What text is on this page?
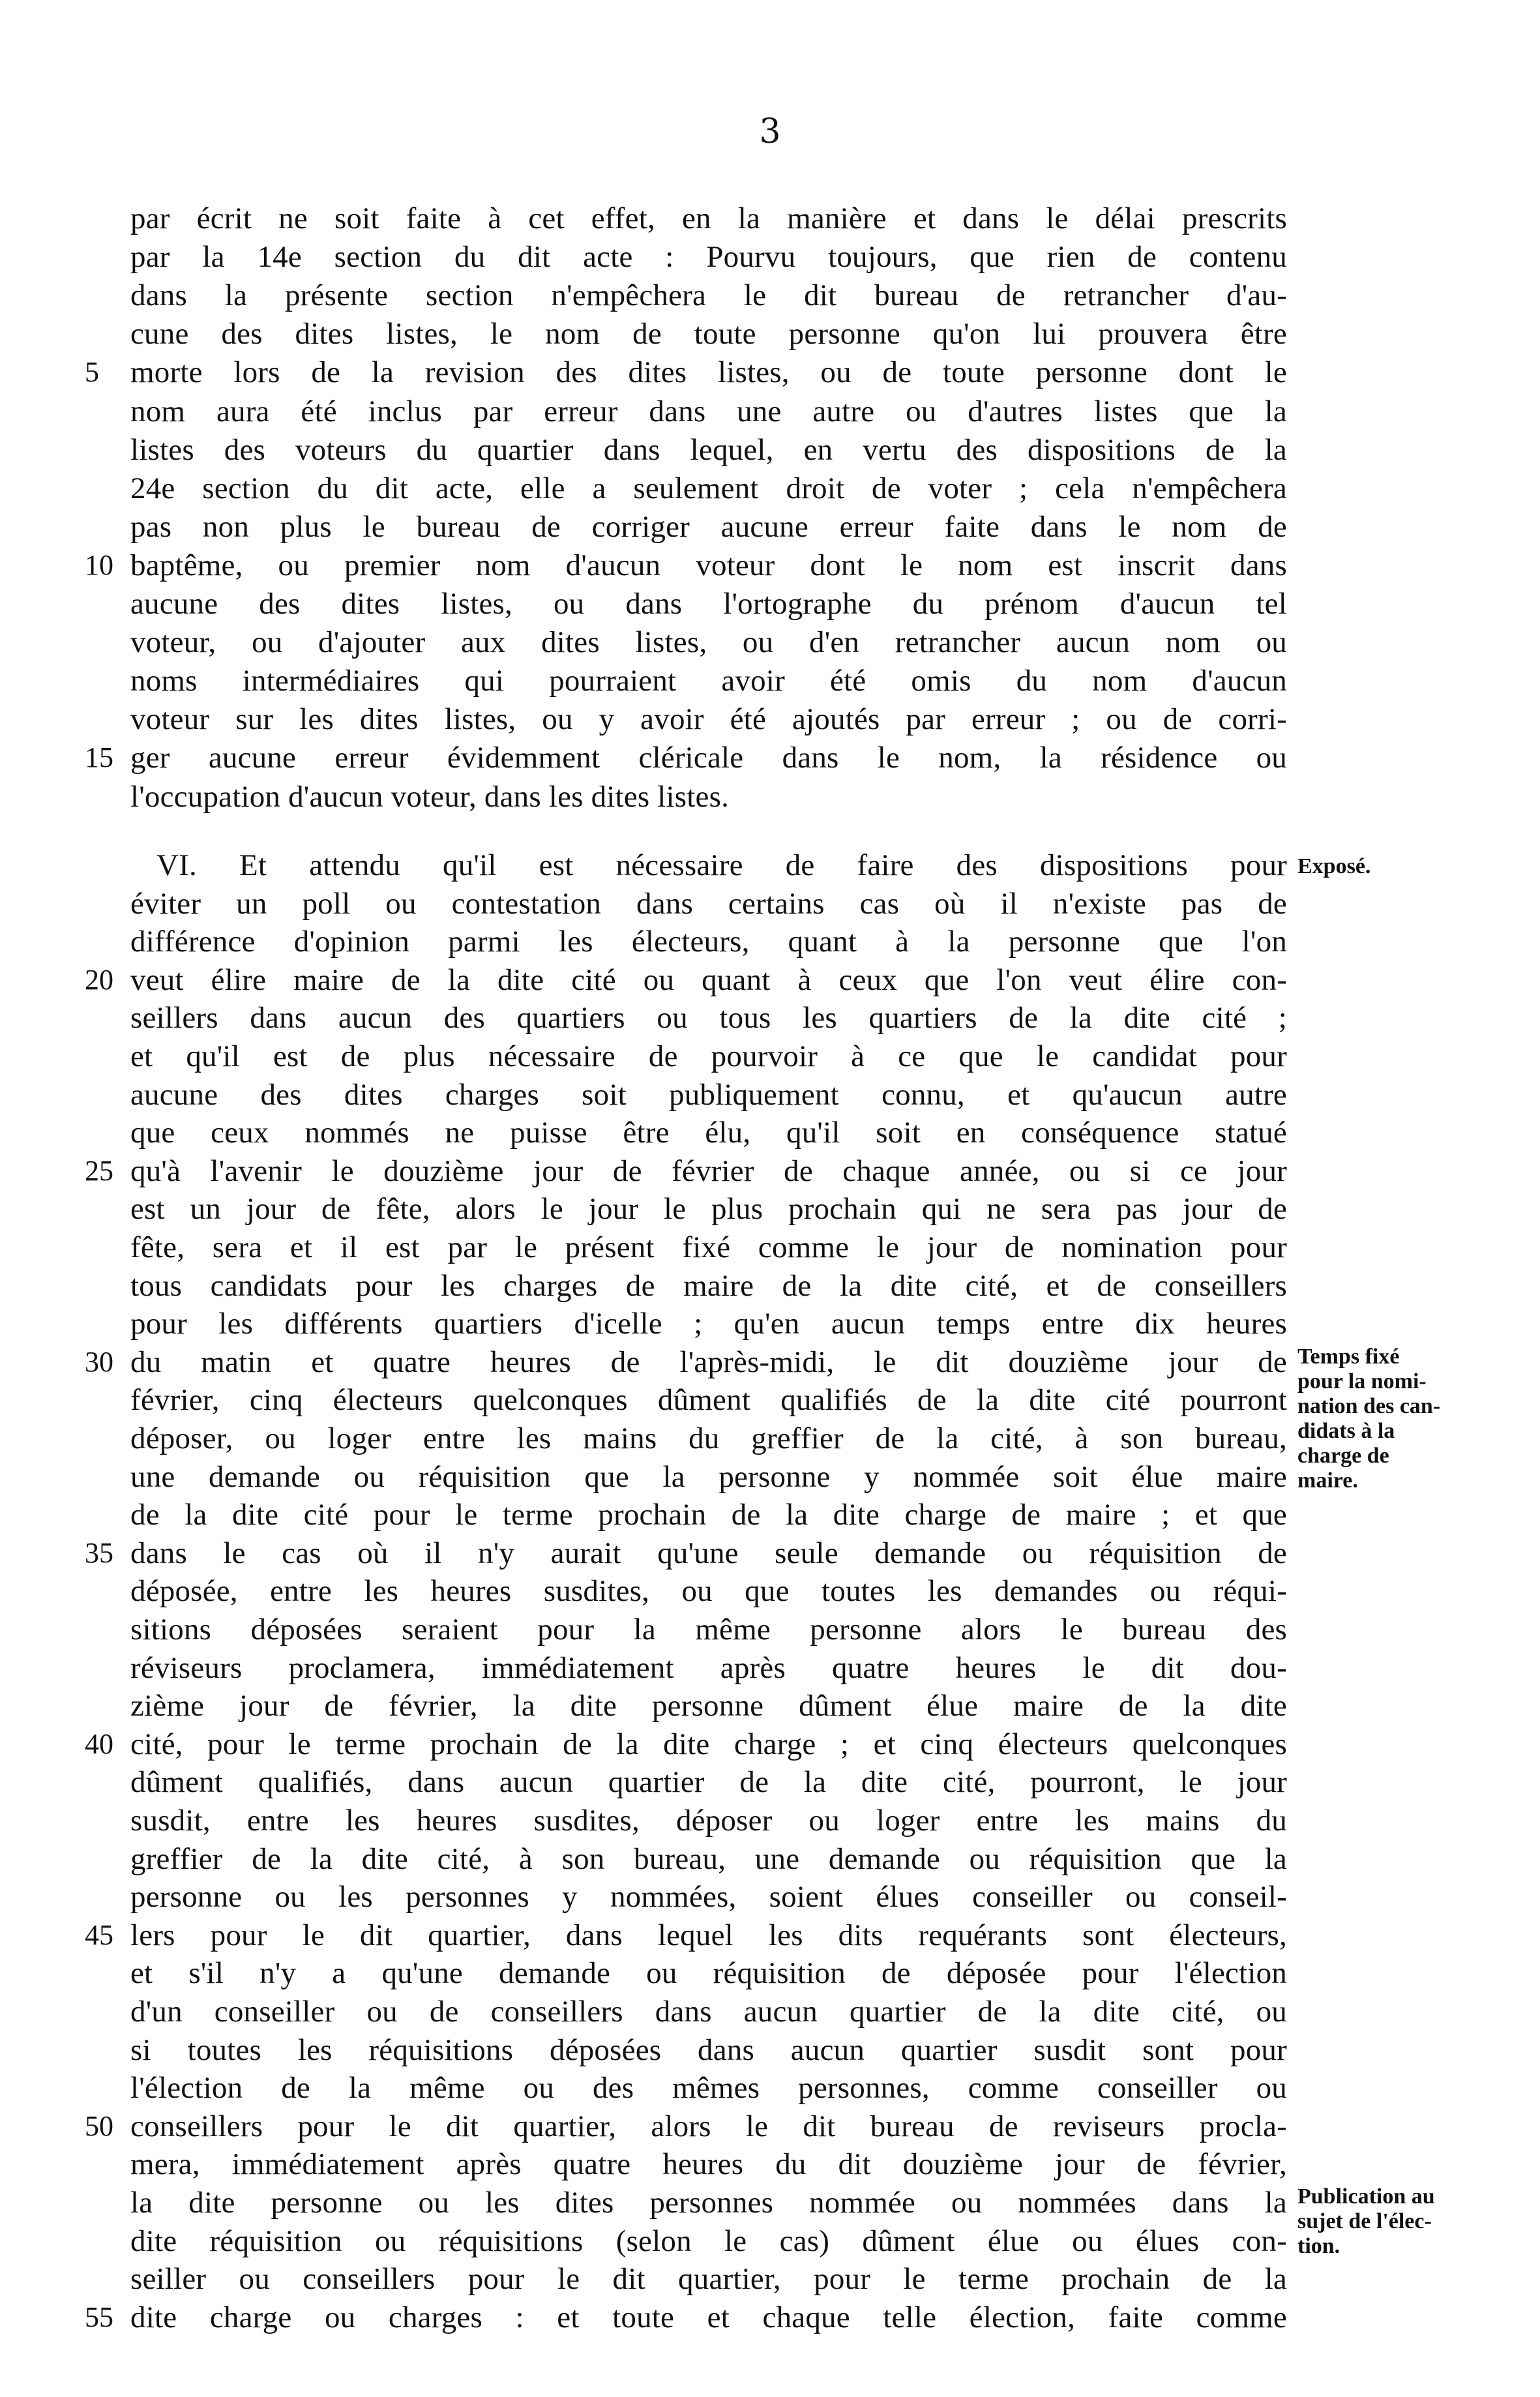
3
par écrit ne soit faite à cet effet, en la manière et dans le délai prescrits
par la 14e section du dit acte : Pourvu toujours, que rien de contenu
dans la présente section n'empêchera le dit bureau de retrancher d'au-
cune des dites listes, le nom de toute personne qu'on lui prouvera être
morte lors de la revision des dites listes, ou de toute personne dont le
nom aura été inclus par erreur dans une autre ou d'autres listes que la
listes des voteurs du quartier dans lequel, en vertu des dispositions de la
24e section du dit acte, elle a seulement droit de voter ; cela n'empêchera
pas non plus le bureau de corriger aucune erreur faite dans le nom de
baptême, ou premier nom d'aucun voteur dont le nom est inscrit dans
aucune des dites listes, ou dans l'ortographe du prénom d'aucun tel
voteur, ou d'ajouter aux dites listes, ou d'en retrancher aucun nom ou
noms intermédiaires qui pourraient avoir été omis du nom d'aucun
voteur sur les dites listes, ou y avoir été ajoutés par erreur ; ou de corri-
ger aucune erreur évidemment cléricale dans le nom, la résidence ou
l'occupation d'aucun voteur, dans les dites listes.
VI. Et attendu qu'il est nécessaire de faire des dispositions pour
éviter un poll ou contestation dans certains cas où il n'existe pas de
différence d'opinion parmi les électeurs, quant à la personne que l'on
veut élire maire de la dite cité ou quant à ceux que l'on veut élire con-
seillers dans aucun des quartiers ou tous les quartiers de la dite cité ;
et qu'il est de plus nécessaire de pourvoir à ce que le candidat pour
aucune des dites charges soit publiquement connu, et qu'aucun autre
que ceux nommés ne puisse être élu, qu'il soit en conséquence statué
qu'à l'avenir le douzième jour de février de chaque année, ou si ce jour
est un jour de fête, alors le jour le plus prochain qui ne sera pas jour de
fête, sera et il est par le présent fixé comme le jour de nomination pour
tous candidats pour les charges de maire de la dite cité, et de conseillers
pour les différents quartiers d'icelle ; qu'en aucun temps entre dix heures
du matin et quatre heures de l'après-midi, le dit douzième jour de
février, cinq électeurs quelconques dûment qualifiés de la dite cité pourront
déposer, ou loger entre les mains du greffier de la cité, à son bureau,
une demande ou réquisition que la personne y nommée soit élue maire
de la dite cité pour le terme prochain de la dite charge de maire ; et que
dans le cas où il n'y aurait qu'une seule demande ou réquisition de
déposée, entre les heures susdites, ou que toutes les demandes ou réqui-
sitions déposées seraient pour la même personne alors le bureau des
réviseurs proclamera, immédiatement après quatre heures le dit dou-
zième jour de février, la dite personne dûment élue maire de la dite
cité, pour le terme prochain de la dite charge ; et cinq électeurs quelconques
dûment qualifiés, dans aucun quartier de la dite cité, pourront, le jour
susdit, entre les heures susdites, déposer ou loger entre les mains du
greffier de la dite cité, à son bureau, une demande ou réquisition que la
personne ou les personnes y nommées, soient élues conseiller ou conseil-
lers pour le dit quartier, dans lequel les dits requérants sont électeurs,
et s'il n'y a qu'une demande ou réquisition de déposée pour l'élection
d'un conseiller ou de conseillers dans aucun quartier de la dite cité, ou
si toutes les réquisitions déposées dans aucun quartier susdit sont pour
l'élection de la même ou des mêmes personnes, comme conseiller ou
conseillers pour le dit quartier, alors le dit bureau de reviseurs procla-
mera, immédiatement après quatre heures du dit douzième jour de février,
la dite personne ou les dites personnes nommée ou nommées dans la
dite réquisition ou réquisitions (selon le cas) dûment élue ou élues con-
seiller ou conseillers pour le dit quartier, pour le terme prochain de la
dite charge ou charges : et toute et chaque telle élection, faite comme
5
10
15
20
25
30
35
40
45
50
55
Exposé.
Temps fixé
pour la nomi-
nation des can-
didats à la
charge de
maire.
Publication au
sujet de l'élec-
tion.
